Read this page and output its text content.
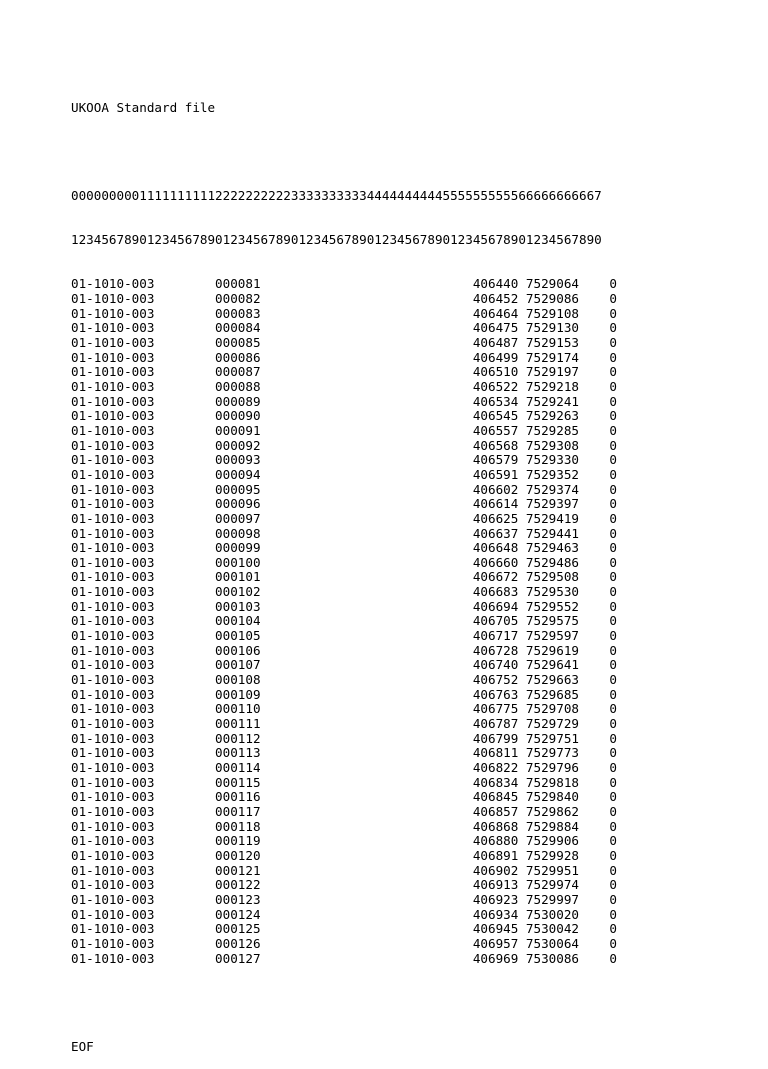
UKOOA Standard file

0000000001111111111222222222233333333334444444444555555555566666666667

1234567890123456789012345678901234567890123456789012345678901234567890

01-1010-003        000081                            406440 7529064    0
01-1010-003        000082                            406452 7529086    0
01-1010-003        000083                            406464 7529108    0
01-1010-003        000084                            406475 7529130    0
01-1010-003        000085                            406487 7529153    0
01-1010-003        000086                            406499 7529174    0
01-1010-003        000087                            406510 7529197    0
01-1010-003        000088                            406522 7529218    0
01-1010-003        000089                            406534 7529241    0
01-1010-003        000090                            406545 7529263    0
01-1010-003        000091                            406557 7529285    0
01-1010-003        000092                            406568 7529308    0
01-1010-003        000093                            406579 7529330    0
01-1010-003        000094                            406591 7529352    0
01-1010-003        000095                            406602 7529374    0
01-1010-003        000096                            406614 7529397    0
01-1010-003        000097                            406625 7529419    0
01-1010-003        000098                            406637 7529441    0
01-1010-003        000099                            406648 7529463    0
01-1010-003        000100                            406660 7529486    0
01-1010-003        000101                            406672 7529508    0
01-1010-003        000102                            406683 7529530    0
01-1010-003        000103                            406694 7529552    0
01-1010-003        000104                            406705 7529575    0
01-1010-003        000105                            406717 7529597    0
01-1010-003        000106                            406728 7529619    0
01-1010-003        000107                            406740 7529641    0
01-1010-003        000108                            406752 7529663    0
01-1010-003        000109                            406763 7529685    0
01-1010-003        000110                            406775 7529708    0
01-1010-003        000111                            406787 7529729    0
01-1010-003        000112                            406799 7529751    0
01-1010-003        000113                            406811 7529773    0
01-1010-003        000114                            406822 7529796    0
01-1010-003        000115                            406834 7529818    0
01-1010-003        000116                            406845 7529840    0
01-1010-003        000117                            406857 7529862    0
01-1010-003        000118                            406868 7529884    0
01-1010-003        000119                            406880 7529906    0
01-1010-003        000120                            406891 7529928    0
01-1010-003        000121                            406902 7529951    0
01-1010-003        000122                            406913 7529974    0
01-1010-003        000123                            406923 7529997    0
01-1010-003        000124                            406934 7530020    0
01-1010-003        000125                            406945 7530042    0
01-1010-003        000126                            406957 7530064    0
01-1010-003        000127                            406969 7530086    0

EOF
